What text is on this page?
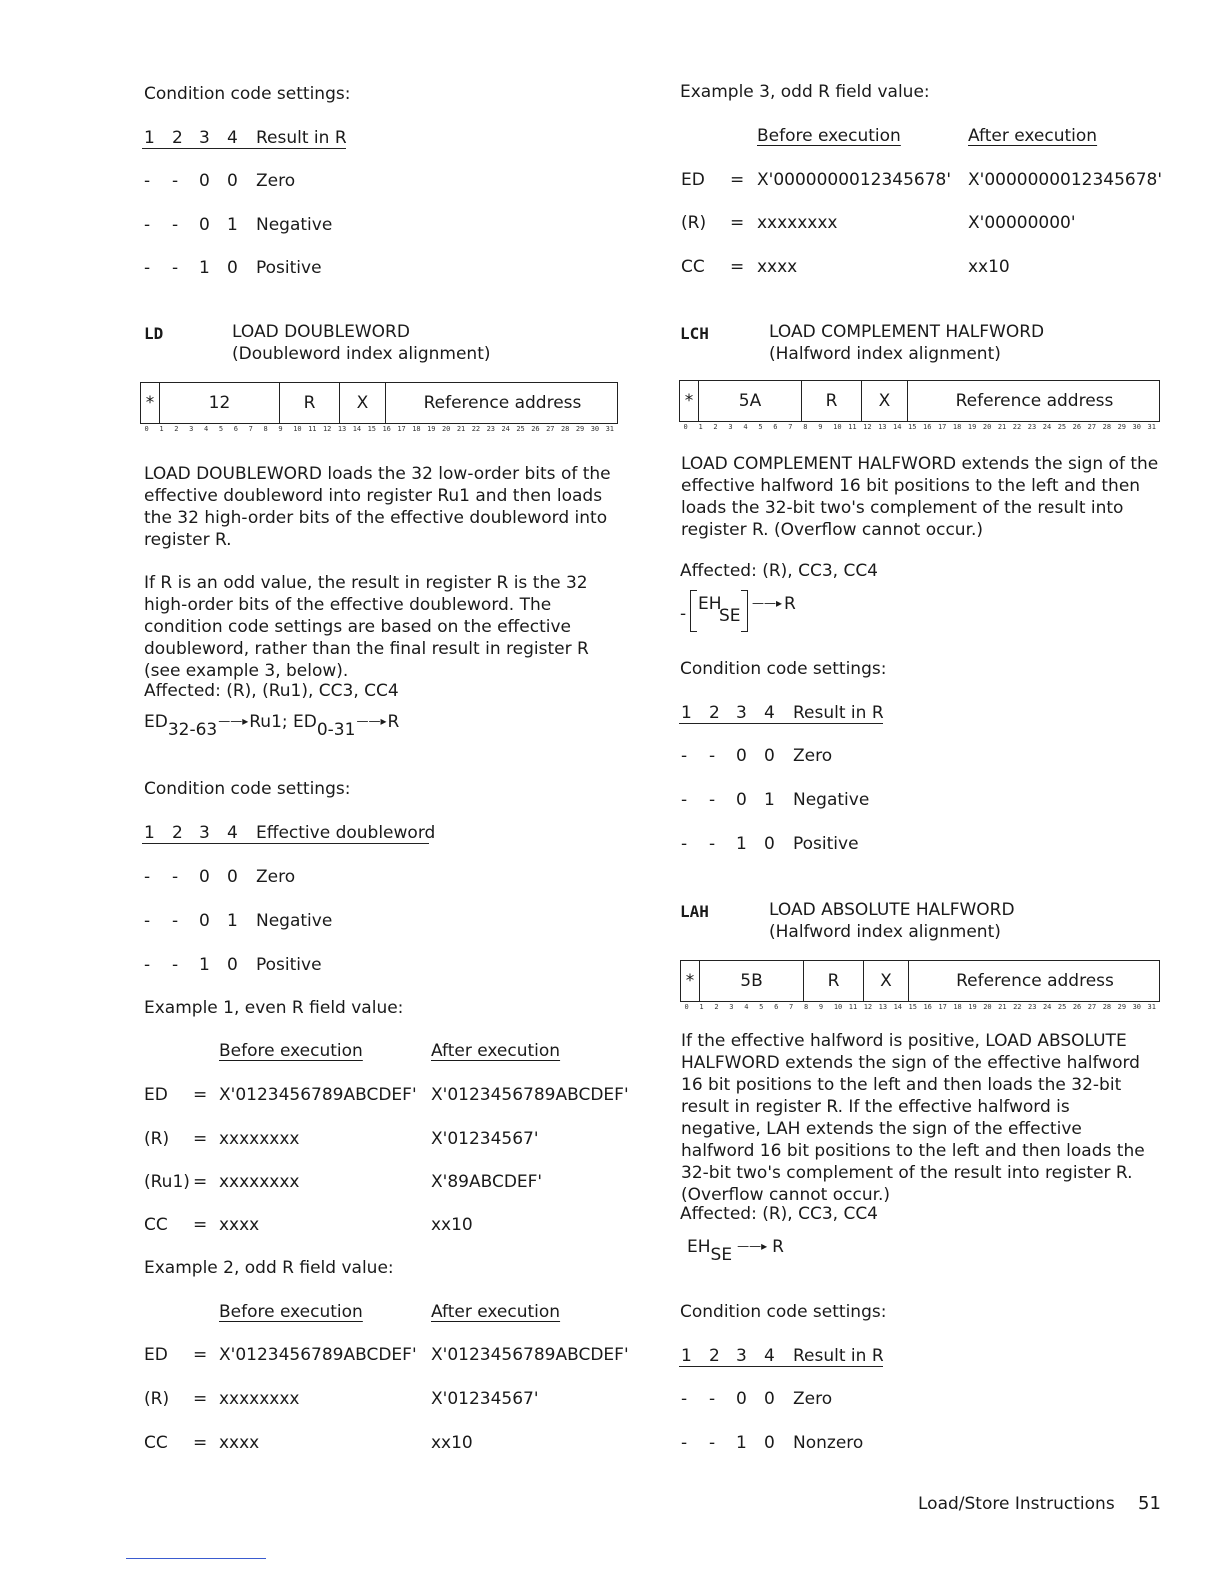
Condition code settings:
1 2 3 4 Result in R
- - 0 0 Zero
- - 0 1 Negative
- - 1 0 Positive
LD	LOAD DOUBLEWORD
(Doubleword index alignment)
*	12	R	X	Reference address
0 1 2 3 4 5 6 7 8 9 10 11 12 13 14 15 16 17 18 19 20 21 22 23 24 25 26 27 28 29 30 31

LOAD DOUBLEWORD loads the 32 low-order bits of the effective doubleword into register Ru1 and then loads the 32 high-order bits of the effective doubleword into register R.

If R is an odd value, the result in register R is the 32 high-order bits of the effective doubleword. The condition code settings are based on the effective doubleword, rather than the final result in register R (see example 3, below).

Affected: (R), (Ru1), CC3, CC4
ED32-63——▸Ru1; ED0-31——▸R
Condition code settings:
1 2 3 4 Effective doubleword
- - 0 0 Zero
- - 0 1 Negative
- - 1 0 Positive
Example 1, even R field value:
Before execution	After execution
ED = X'0123456789ABCDEF' X'0123456789ABCDEF'
(R) = xxxxxxxx	X'01234567'
(Ru1) = xxxxxxxx	X'89ABCDEF'
CC = xxxx	xx10
Example 2, odd R field value:
Before execution	After execution
ED = X'0123456789ABCDEF' X'0123456789ABCDEF'
(R) = xxxxxxxx	X'01234567'
CC = xxxx	xx10
Example 3, odd R field value:
Before execution	After execution
ED = X'0000000012345678' X'0000000012345678'
(R) = xxxxxxxx	X'00000000'
CC = xxxx	xx10
LCH	LOAD COMPLEMENT HALFWORD
(Halfword index alignment)
*	5A	R	X	Reference address
0 1 2 3 4 5 6 7 8 9 10 11 12 13 14 15 16 17 18 19 20 21 22 23 24 25 26 27 28 29 30 31

LOAD COMPLEMENT HALFWORD extends the sign of the effective halfword 16 bit positions to the left and then loads the 32-bit two's complement of the result into register R. (Overflow cannot occur.)

Affected: (R), CC3, CC4
- EH
SE
——▸ R
Condition code settings:
1 2 3 4 Result in R
- - 0 0 Zero
- - 0 1 Negative
- - 1 0 Positive
LAH	LOAD ABSOLUTE HALFWORD
(Halfword index alignment)
*	5B	R	X	Reference address
0 1 2 3 4 5 6 7 8 9 10 11 12 13 14 15 16 17 18 19 20 21 22 23 24 25 26 27 28 29 30 31

If the effective halfword is positive, LOAD ABSOLUTE HALFWORD extends the sign of the effective halfword 16 bit positions to the left and then loads the 32-bit result in register R. If the effective halfword is negative, LAH extends the sign of the effective halfword 16 bit positions to the left and then loads the 32-bit two's complement of the result into register R. (Overflow cannot occur.)

Affected: (R), CC3, CC4
EHSE ——▸ R
Condition code settings:
1 2 3 4 Result in R
- - 0 0 Zero
- - 1 0 Nonzero
Load/Store Instructions 51
